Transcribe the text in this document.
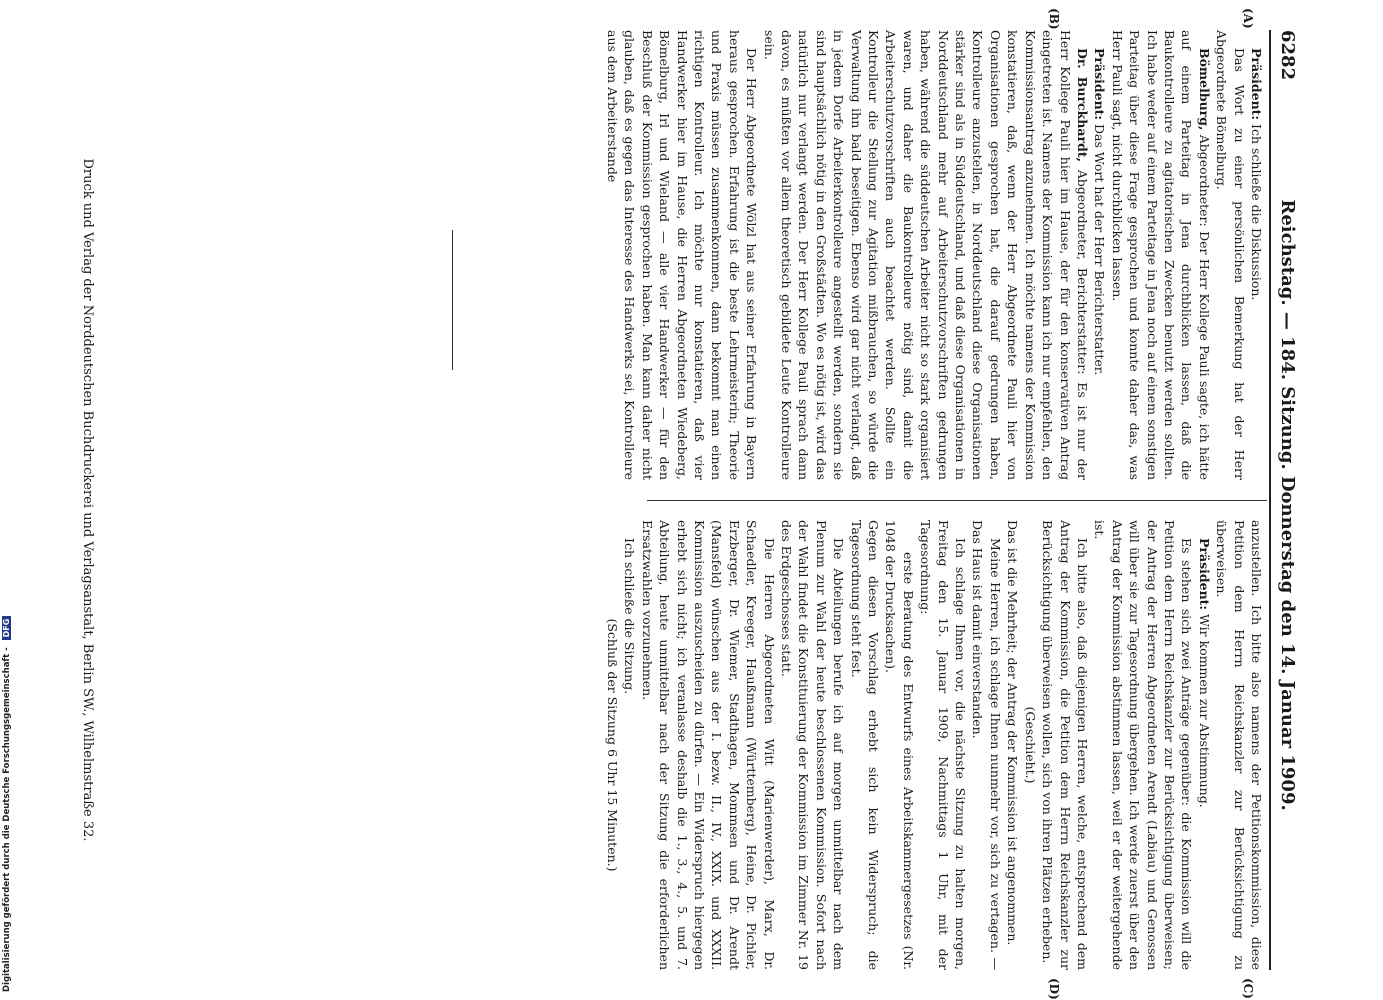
6282
Reichstag. — 184. Sitzung. Donnerstag den 14. Januar 1909.
(A)
(B)
(C)
(D)

Präsident: Ich schließe die Diskussion.

Das Wort zu einer persönlichen Bemerkung hat der Herr Abgeordnete Bömelburg.

Bömelburg, Abgeordneter: Der Herr Kollege Pauli sagte, ich hätte auf einem Parteitag in Jena durchblicken lassen, daß die Baukontrolleure zu agitatorischen Zwecken benutzt werden sollten. Ich habe weder auf einem Parteitage in Jena noch auf einem sonstigen Parteitag über diese Frage gesprochen und konnte daher das, was Herr Pauli sagt, nicht durchblicken lassen.

Präsident: Das Wort hat der Herr Berichterstatter.

Dr. Burckhardt, Abgeordneter, Berichterstatter: Es ist nur der Herr Kollege Pauli hier im Hause, der für den konservativen Antrag eingetreten ist. Namens der Kommission kann ich nur empfehlen, den Kommissionsantrag anzunehmen. Ich möchte namens der Kommission konstatieren, daß, wenn der Herr Abgeordnete Pauli hier von Organisationen gesprochen hat, die darauf gedrungen haben, Kontrolleure anzustellen, in Norddeutschland diese Organisationen stärker sind als in Süddeutschland, und daß diese Organisationen in Norddeutschland mehr auf Arbeiterschutzvorschriften gedrungen haben, während die süddeutschen Arbeiter nicht so stark organisiert waren, und daher die Baukontrolleure nötig sind, damit die Arbeiterschutzvorschriften auch beachtet werden. Sollte ein Kontrolleur die Stellung zur Agitation mißbrauchen, so würde die Verwaltung ihn bald beseitigen. Ebenso wird gar nicht verlangt, daß in jedem Dorfe Arbeiterkontrolleure angestellt werden, sondern sie sind hauptsächlich nötig in den Großstädten. Wo es nötig ist, wird das natürlich nur verlangt werden. Der Herr Kollege Pauli sprach dann davon, es müßten vor allem theoretisch gebildete Leute Kontrolleure sein.

Der Herr Abgeordnete Wölzl hat aus seiner Erfahrung in Bayern heraus gesprochen. Erfahrung ist die beste Lehrmeisterin; Theorie und Praxis müssen zusammenkommen, dann bekommt man einen richtigen Kontrolleur. Ich möchte nur konstatieren, daß vier Handwerker hier im Hause, die Herren Abgeordneten Wiedeberg, Bömelburg, Irl und Wieland — alle vier Handwerker — für den Beschluß der Kommission gesprochen haben. Man kann daher nicht glauben, daß es gegen das Interesse des Handwerks sei, Kontrolleure aus dem Arbeiterstande

anzustellen. Ich bitte also namens der Petitionskommission, diese Petition dem Herrn Reichskanzler zur Berücksichtigung zu überweisen.

Präsident: Wir kommen zur Abstimmung.

Es stehen sich zwei Anträge gegenüber: die Kommission will die Petition dem Herrn Reichskanzler zur Berücksichtigung überweisen; der Antrag der Herren Abgeordneten Arendt (Labiau) und Genossen will über sie zur Tagesordnung übergehen. Ich werde zuerst über den Antrag der Kommission abstimmen lassen, weil er der weitergehende ist.

Ich bitte also, daß diejenigen Herren, welche, entsprechend dem Antrag der Kommission, die Petition dem Herrn Reichskanzler zur Berücksichtigung überweisen wollen, sich von ihren Plätzen erheben.

(Geschieht.)

Das ist die Mehrheit; der Antrag der Kommission ist angenommen.

Meine Herren, ich schlage Ihnen nunmehr vor, sich zu vertagen. — Das Haus ist damit einverstanden.

Ich schlage Ihnen vor, die nächste Sitzung zu halten morgen, Freitag den 15. Januar 1909, Nachmittags 1 Uhr, mit der Tagesordnung:

erste Beratung des Entwurfs eines Arbeitskammergesetzes (Nr. 1048 der Drucksachen).

Gegen diesen Vorschlag erhebt sich kein Widerspruch; die Tagesordnung steht fest.

Die Abteilungen berufe ich auf morgen unmittelbar nach dem Plenum zur Wahl der heute beschlossenen Kommission. Sofort nach der Wahl findet die Konstituierung der Kommission im Zimmer Nr. 19 des Erdgeschosses statt.

Die Herren Abgeordneten Witt (Marienwerder), Marx, Dr. Schaedler, Kreeger, Haußmann (Württemberg), Heine, Dr. Pichler, Erzberger, Dr. Wiemer, Stadthagen, Mommsen und Dr. Arendt (Mansfeld) wünschen aus der I. bezw. II., IV., XXIX. und XXXII. Kommission auszuscheiden zu dürfen. — Ein Widerspruch hiergegen erhebt sich nicht; ich veranlasse deshalb die 1., 3., 4., 5. und 7. Abteilung, heute unmittelbar nach der Sitzung die erforderlichen Ersatzwahlen vorzunehmen.

Ich schließe die Sitzung.

(Schluß der Sitzung 6 Uhr 15 Minuten.)

Druck und Verlag der Norddeutschen Buchdruckerei und Verlagsanstalt, Berlin SW., Wilhelmstraße 32.
Digitalisierung gefördert durch die Deutsche Forschungsgemeinschaft - DFG
